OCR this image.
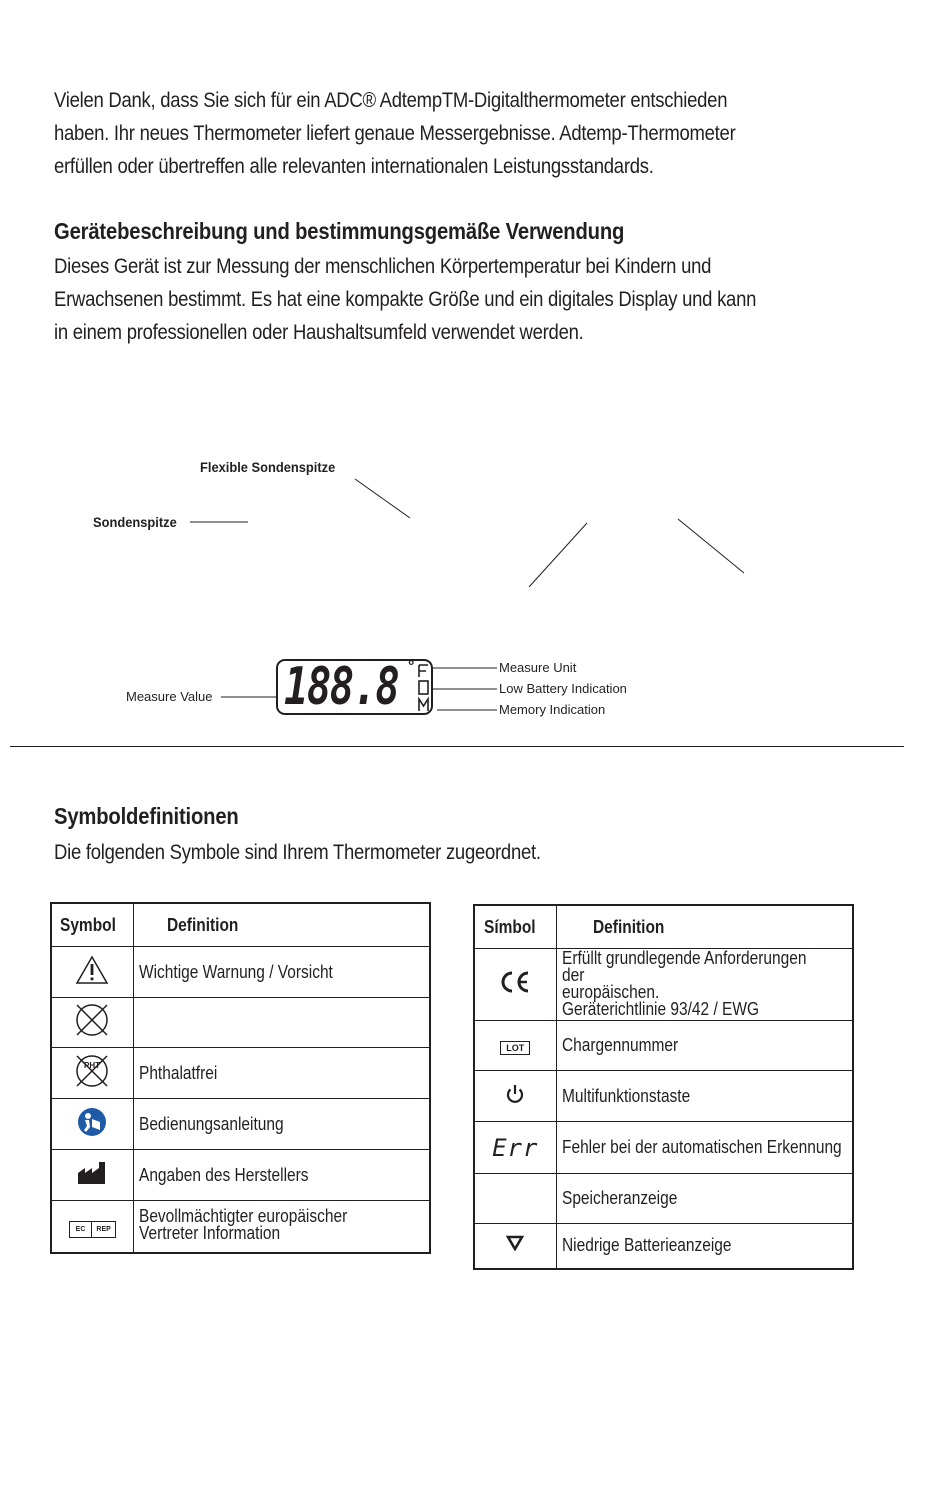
Vielen Dank, dass Sie sich für ein ADC® AdtempTM-Digitalthermometer entschieden
haben. Ihr neues Thermometer liefert genaue Messergebnisse. Adtemp-Thermometer
erfüllen oder übertreffen alle relevanten internationalen Leistungsstandards.

Gerätebeschreibung und bestimmungsgemäße Verwendung

Dieses Gerät ist zur Messung der menschlichen Körpertemperatur bei Kindern und
Erwachsenen bestimmt. Es hat eine kompakte Größe und ein digitales Display und kann
in einem professionellen oder Haushaltsumfeld verwendet werden.

Flexible Sondenspitze
Sondenspitze
Measure Value 188.8 °	Measure Unit
Low Battery Indication
Memory Indication
Symboldefinitionen

Die folgenden Symbole sind Ihrem Thermometer zugeordnet.

Symbol	Definition
	Wichtige Warnung / Vorsicht

PHT	Phthalatfrei
	Bedienungsanleitung
	Angaben des Herstellers

EC REP	Bevollmächtigter europäischer
Vertreter Information
Símbol	Definition
	Erfüllt grundlegende Anforderungen der
europäischen.
Geräterichtlinie 93/42 / EWG
LOT	Chargennummer
	Multifunktionstaste
Err	Fehler bei der automatischen Erkennung
	Speicheranzeige
	Niedrige Batterieanzeige
